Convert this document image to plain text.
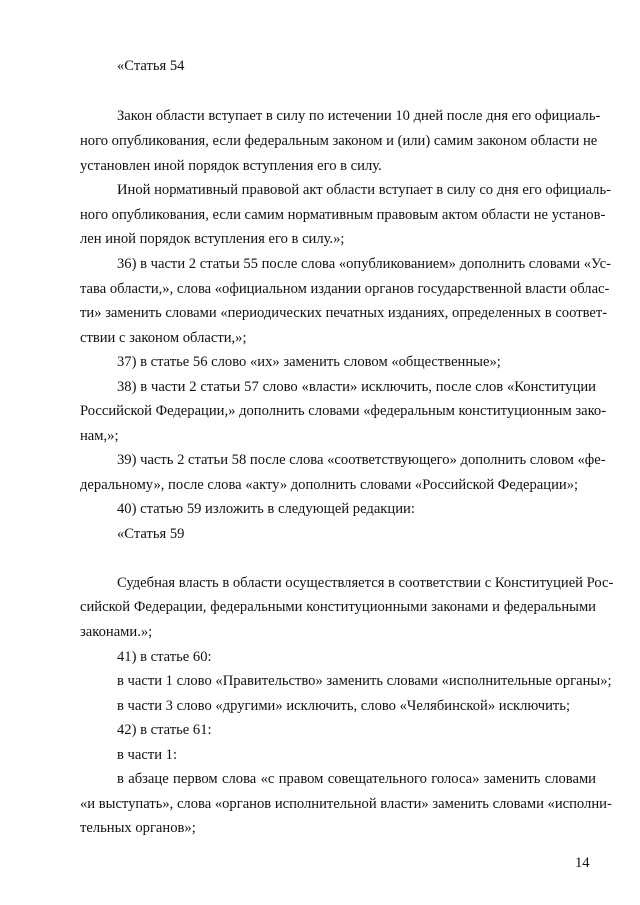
«Статья 54
Закон области вступает в силу по истечении 10 дней после дня его официаль-
ного опубликования, если федеральным законом и (или) самим законом области не
установлен иной порядок вступления его в силу.
Иной нормативный правовой акт области вступает в силу со дня его официаль-
ного опубликования, если самим нормативным правовым актом области не установ-
лен иной порядок вступления его в силу.»;
36) в части 2 статьи 55 после слова «опубликованием» дополнить словами «Ус-
тава области,», слова «официальном издании органов государственной власти облас-
ти» заменить словами «периодических печатных изданиях, определенных в соответ-
ствии с законом области,»;
37) в статье 56 слово «их» заменить словом «общественные»;
38) в части 2 статьи 57 слово «власти» исключить, после слов «Конституции
Российской Федерации,» дополнить словами «федеральным конституционным зако-
нам,»;
39) часть 2 статьи 58 после слова «соответствующего» дополнить словом «фе-
деральному», после слова «акту» дополнить словами «Российской Федерации»;
40) статью 59 изложить в следующей редакции:
«Статья 59
Судебная власть в области осуществляется в соответствии с Конституцией Рос-
сийской Федерации, федеральными конституционными законами и федеральными
законами.»;
41) в статье 60:
в части 1 слово «Правительство» заменить словами «исполнительные органы»;
в части 3 слово «другими» исключить, слово «Челябинской» исключить;
42) в статье 61:
в части 1:
в абзаце первом слова «с правом совещательного голоса» заменить словами
«и выступать», слова «органов исполнительной власти» заменить словами «исполни-
тельных органов»;
14
